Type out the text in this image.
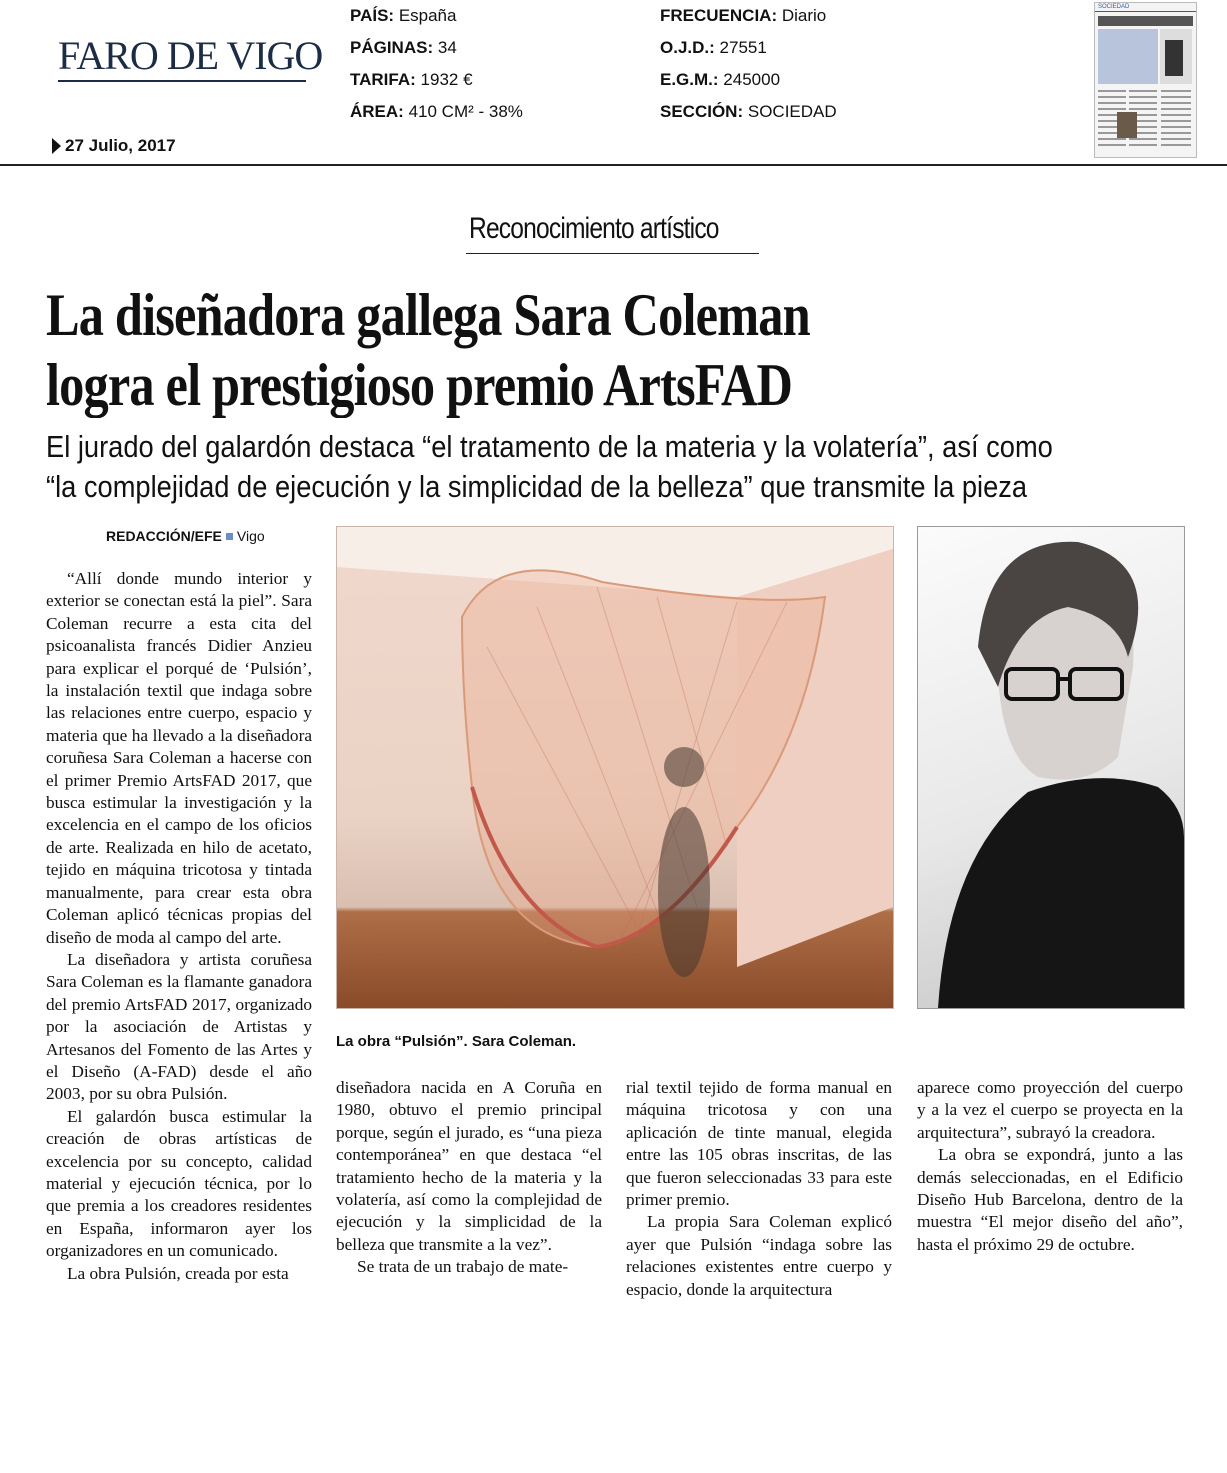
FARO DE VIGO
27 Julio, 2017
PAÍS: España
PÁGINAS: 34
TARIFA: 1932 €
ÁREA: 410 CM² - 38%
FRECUENCIA: Diario
O.J.D.: 27551
E.G.M.: 245000
SECCIÓN: SOCIEDAD
SOCIEDAD
Reconocimiento artístico
La diseñadora gallega Sara Coleman
logra el prestigioso premio ArtsFAD
El jurado del galardón destaca “el tratamento de la materia y la volatería”, así como
“la complejidad de ejecución y la simplicidad de la belleza” que transmite la pieza
REDACCIÓN/EFE Vigo

“Allí donde mundo interior y exterior se conectan está la piel”. Sara Coleman recurre a esta cita del psicoanalista francés Didier Anzieu para explicar el porqué de ‘Pulsión’, la instalación textil que indaga sobre las relaciones entre cuerpo, espacio y materia que ha llevado a la diseñadora coruñesa Sara Coleman a hacerse con el primer Premio ArtsFAD 2017, que busca estimular la investigación y la excelencia en el campo de los oficios de arte. Realizada en hilo de acetato, tejido en máquina tricotosa y tintada manualmente, para crear esta obra Coleman aplicó técnicas propias del diseño de moda al campo del arte.

La diseñadora y artista coruñesa Sara Coleman es la flamante ganadora del premio ArtsFAD 2017, organizado por la asociación de Artistas y Artesanos del Fomento de las Artes y el Diseño (A-FAD) desde el año 2003, por su obra Pulsión.

El galardón busca estimular la creación de obras artísticas de excelencia por su concepto, calidad material y ejecución técnica, por lo que premia a los creadores residentes en España, informaron ayer los organizadores en un comunicado.

La obra Pulsión, creada por esta

La obra “Pulsión”. Sara Coleman.

diseñadora nacida en A Coruña en 1980, obtuvo el premio principal porque, según el jurado, es “una pieza contemporánea” en que destaca “el tratamiento hecho de la materia y la volatería, así como la complejidad de ejecución y la simplicidad de la belleza que transmite a la vez”.

Se trata de un trabajo de mate-

rial textil tejido de forma manual en máquina tricotosa y con una aplicación de tinte manual, elegida entre las 105 obras inscritas, de las que fueron seleccionadas 33 para este primer premio.

La propia Sara Coleman explicó ayer que Pulsión “indaga sobre las relaciones existentes entre cuerpo y espacio, donde la arquitectura

aparece como proyección del cuerpo y a la vez el cuerpo se proyecta en la arquitectura”, subrayó la creadora.

La obra se expondrá, junto a las demás seleccionadas, en el Edificio Diseño Hub Barcelona, dentro de la muestra “El mejor diseño del año”, hasta el próximo 29 de octubre.
